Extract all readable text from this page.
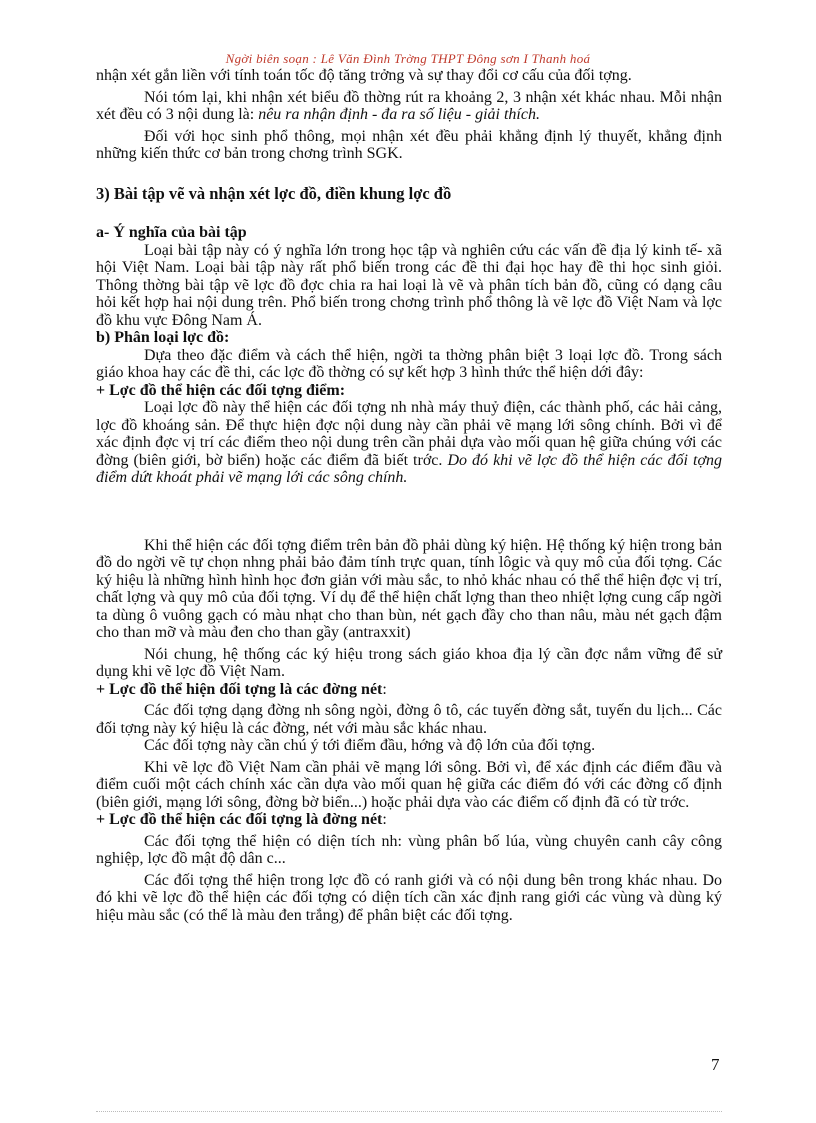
Ngời biên soạn : Lê Văn Đình Trờng THPT Đông sơn I Thanh hoá

nhận xét gắn liền với tính toán tốc độ tăng trởng và sự thay đổi cơ cấu của đối tợng.

Nói tóm lại, khi nhận xét biểu đồ thờng rút ra khoảng 2, 3 nhận xét khác nhau. Mỗi nhận xét đều có 3 nội dung là: nêu ra nhận định - đa ra số liệu - giải thích.

Đối với học sinh phổ thông, mọi nhận xét đều phải khẳng định lý thuyết, khẳng định những kiến thức cơ bản trong chơng trình SGK.

3) Bài tập vẽ và nhận xét lợc đồ, điền khung lợc đồ

a- Ý nghĩa của bài tập

Loại bài tập này có ý nghĩa lớn trong học tập và nghiên cứu các vấn đề địa lý kinh tế- xã hội Việt Nam. Loại bài tập này rất phổ biến trong các đề thi đại học hay đề thi học sinh giỏi. Thông thờng bài tập vẽ lợc đồ đợc chia ra hai loại là vẽ và phân tích bản đồ, cũng có dạng câu hỏi kết hợp hai nội dung trên. Phổ biến trong chơng trình phổ thông là vẽ lợc đồ Việt Nam và lợc đồ khu vực Đông Nam Á.

b) Phân loại lợc đồ:

Dựa theo đặc điểm và cách thể hiện, ngời ta thờng phân biệt 3 loại lợc đồ. Trong sách giáo khoa hay các đề thi, các lợc đồ thờng có sự kết hợp 3 hình thức thể hiện dới đây:

+ Lợc đồ thể hiện các đối tợng điểm:

Loại lợc đồ này thể hiện các đối tợng nh nhà máy thuỷ điện, các thành phố, các hải cảng, lợc đồ khoáng sản. Để thực hiện đợc nội dung này cần phải vẽ mạng lới sông chính. Bởi vì để xác định đợc vị trí các điểm theo nội dung trên cần phải dựa vào mối quan hệ giữa chúng với các đờng (biên giới, bờ biển) hoặc các điểm đã biết trớc. Do đó khi vẽ lợc đồ thể hiện các đối tợng điểm dứt khoát phải vẽ mạng lới các sông chính.

Khi thể hiện các đối tợng điểm trên bản đồ phải dùng ký hiện. Hệ thống ký hiện trong bản đồ do ngời vẽ tự chọn nhng phải bảo đảm tính trực quan, tính lôgic và quy mô của đối tợng. Các ký hiệu là những hình hình học đơn giản với màu sắc, to nhỏ khác nhau có thể thể hiện đợc vị trí, chất lợng và quy mô của đối tợng. Ví dụ để thể hiện chất lợng than theo nhiệt lợng cung cấp ngời ta dùng ô vuông gạch có màu nhạt cho than bùn, nét gạch đầy cho than nâu, màu nét gạch đậm cho than mỡ và màu đen cho than gầy (antraxxit)

Nói chung, hệ thống các ký hiệu trong sách giáo khoa địa lý cần đợc nắm vững để sử dụng khi vẽ lợc đồ Việt Nam.

+ Lợc đồ thể hiện đối tợng là các đờng nét:

Các đối tợng dạng đờng nh sông ngòi, đờng ô tô, các tuyến đờng sắt, tuyến du lịch... Các đối tợng này ký hiệu là các đờng, nét với màu sắc khác nhau.

Các đối tợng này cần chú ý tới điểm đầu, hớng và độ lớn của đối tợng.

Khi vẽ lợc đồ Việt Nam cần phải vẽ mạng lới sông. Bởi vì, để xác định các điểm đầu và điểm cuối một cách chính xác cần dựa vào mối quan hệ giữa các điểm đó với các đờng cố định (biên giới, mạng lới sông, đờng bờ biển...) hoặc phải dựa vào các điểm cố định đã có từ trớc.

+ Lợc đồ thể hiện các đối tợng là đờng nét:

Các đối tợng thể hiện có diện tích nh: vùng phân bố lúa, vùng chuyên canh cây công nghiệp, lợc đồ mật độ dân c...

Các đối tợng thể hiện trong lợc đồ có ranh giới và có nội dung bên trong khác nhau. Do đó khi vẽ lợc đồ thể hiện các đối tợng có diện tích cần xác định rang giới các vùng và dùng ký hiệu màu sắc (có thể là màu đen trắng) để phân biệt các đối tợng.

7
